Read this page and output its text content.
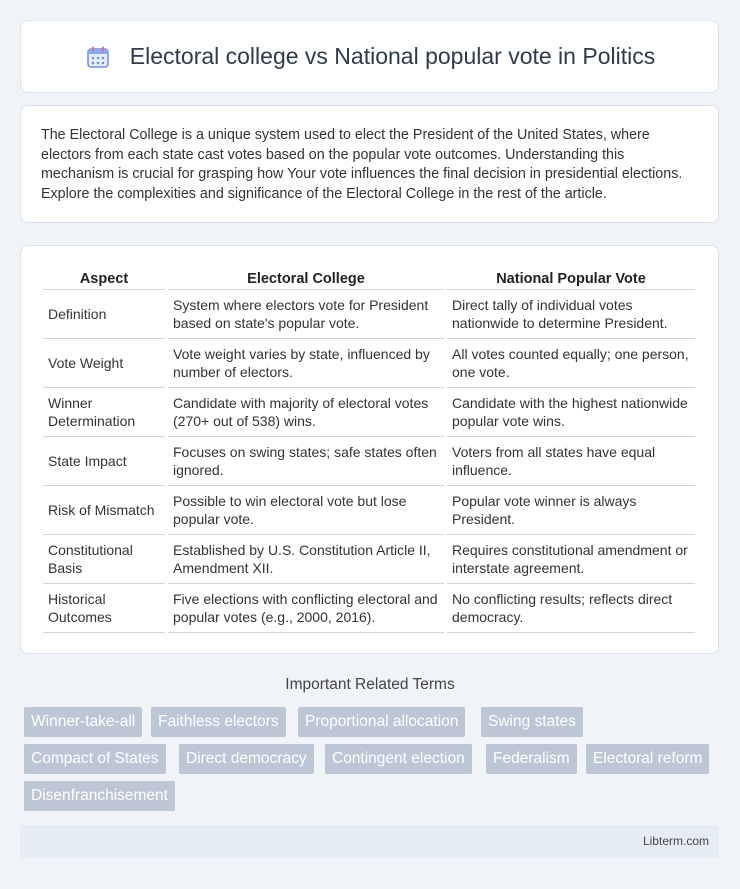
Electoral college vs National popular vote in Politics

The Electoral College is a unique system used to elect the President of the United States, where electors from each state cast votes based on the popular vote outcomes. Understanding this mechanism is crucial for grasping how Your vote influences the final decision in presidential elections. Explore the complexities and significance of the Electoral College in the rest of the article.

Aspect	Electoral College	National Popular Vote
Definition	System where electors vote for President based on state's popular vote.	Direct tally of individual votes nationwide to determine President.
Vote Weight	Vote weight varies by state, influenced by number of electors.	All votes counted equally; one person, one vote.
Winner Determination	Candidate with majority of electoral votes (270+ out of 538) wins.	Candidate with the highest nationwide popular vote wins.
State Impact	Focuses on swing states; safe states often ignored.	Voters from all states have equal influence.
Risk of Mismatch	Possible to win electoral vote but lose popular vote.	Popular vote winner is always President.
Constitutional Basis	Established by U.S. Constitution Article II, Amendment XII.	Requires constitutional amendment or interstate agreement.
Historical Outcomes	Five elections with conflicting electoral and popular votes (e.g., 2000, 2016).	No conflicting results; reflects direct democracy.
Important Related Terms
Winner-take-all	Faithless electors	Proportional allocation	Swing states
Compact of States	Direct democracy	Contingent election	Federalism	Electoral reform
Disenfranchisement
Libterm.com
